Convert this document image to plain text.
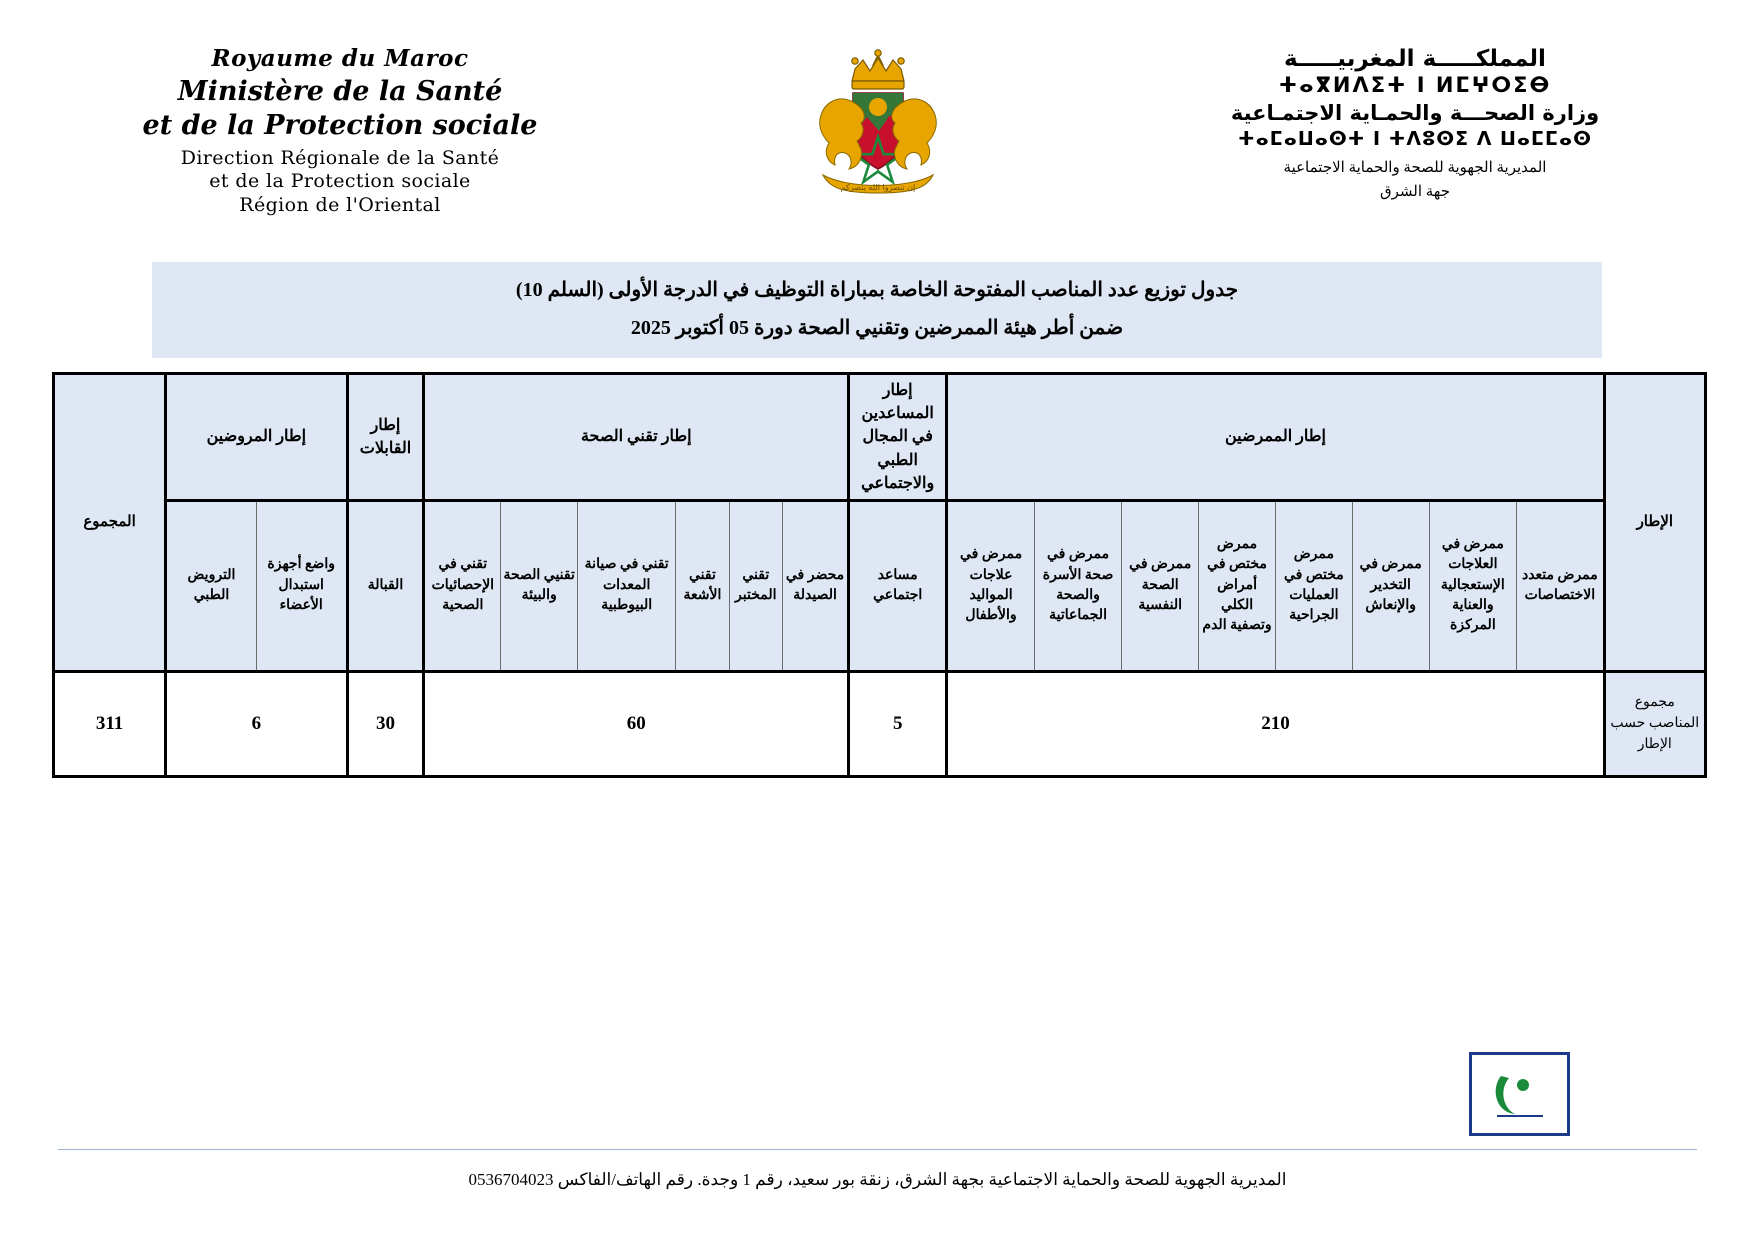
Royaume du Maroc
Ministère de la Santé
et de la Protection sociale
Direction Régionale de la Santé
et de la Protection sociale
Région de l'Oriental
إن تنصروا الله ينصركم
المملكـــــة المغربيـــــة
ⵜⴰⴳⵍⴷⵉⵜ ⵏ ⵍⵎⵖⵔⵉⴱ
وزارة الصحـــة والحمـاية الاجتمـاعية
ⵜⴰⵎⴰⵡⴰⵙⵜ ⵏ ⵜⴷⵓⵙⵉ ⴷ ⵡⴰⵎⵎⴰⵙ
المديرية الجهوية للصحة والحماية الاجتماعية
جهة الشرق
جدول توزيع عدد المناصب المفتوحة الخاصة بمباراة التوظيف في الدرجة الأولى (السلم 10)
ضمن أطر هيئة الممرضين وتقنيي الصحة دورة 05 أكتوبر 2025
الإطار	إطار الممرضين								إطار المساعدين في المجال الطبي والاجتماعي	إطار تقني الصحة						إطار القابلات	إطار المروضين		المجموع
	ممرض متعدد الاختصاصات	ممرض في العلاجات الإستعجالية والعناية المركزة	ممرض في التخدير والإنعاش	ممرض مختص في العمليات الجراحية	ممرض مختص في أمراض الكلي وتصفية الدم	ممرض في الصحة النفسية	ممرض في صحة الأسرة والصحة الجماعاتية	ممرض في علاجات المواليد والأطفال	مساعد اجتماعي	محضر في الصيدلة	تقني المختبر	تقني الأشعة	تقني في صيانة المعدات البيوطبية	تقنيي الصحة والبيئة	تقني في الإحصائيات الصحية	القبالة	واضع أجهزة استبدال الأعضاء	الترويض الطبي	
مجموع المناصب حسب الإطار	210								5	60						30	6		311
المديرية الجهوية للصحة والحماية الاجتماعية بجهة الشرق، زنقة بور سعيد، رقم 1 وجدة. رقم الهاتف/الفاكس 0536704023
